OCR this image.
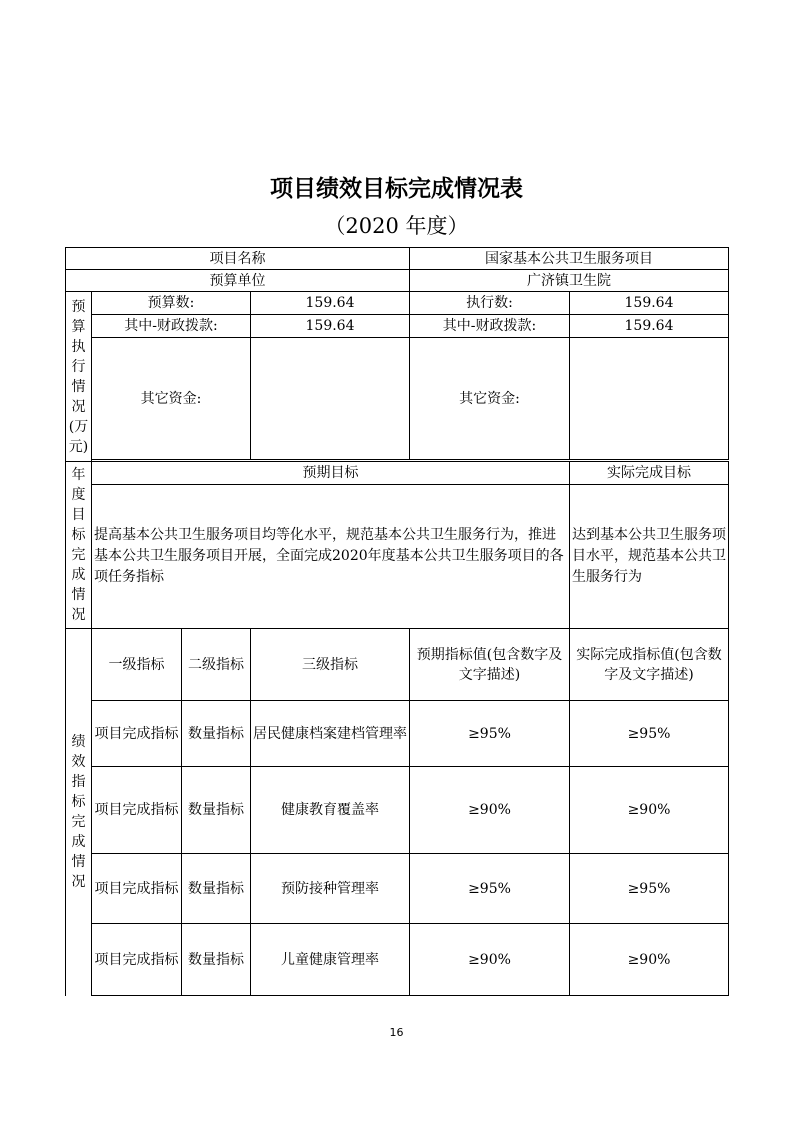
项目绩效目标完成情况表
（2020 年度）
项目名称				国家基本公共卫生服务项目	
预算单位				广济镇卫生院	
预算执行情况(万元)	预算数:		159.64	执行数:	159.64
	其中-财政拨款:		159.64	其中-财政拨款:	159.64
	其它资金:			其它资金:	

年度目标完成情况	预期目标				实际完成目标
	提高基本公共卫生服务项目均等化水平，规范基本公共卫生服务行为，推进基本公共卫生服务项目开展，全面完成2020年度基本公共卫生服务项目的各项任务指标				达到基本公共卫生服务项目水平，规范基本公共卫生服务行为
绩效指标完成情况	一级指标	二级指标	三级指标	预期指标值(包含数字及文字描述)	实际完成指标值(包含数字及文字描述)
	项目完成指标	数量指标	居民健康档案建档管理率	≥95%	≥95%
	项目完成指标	数量指标	健康教育覆盖率	≥90%	≥90%
	项目完成指标	数量指标	预防接种管理率	≥95%	≥95%
	项目完成指标	数量指标	儿童健康管理率	≥90%	≥90%
16
